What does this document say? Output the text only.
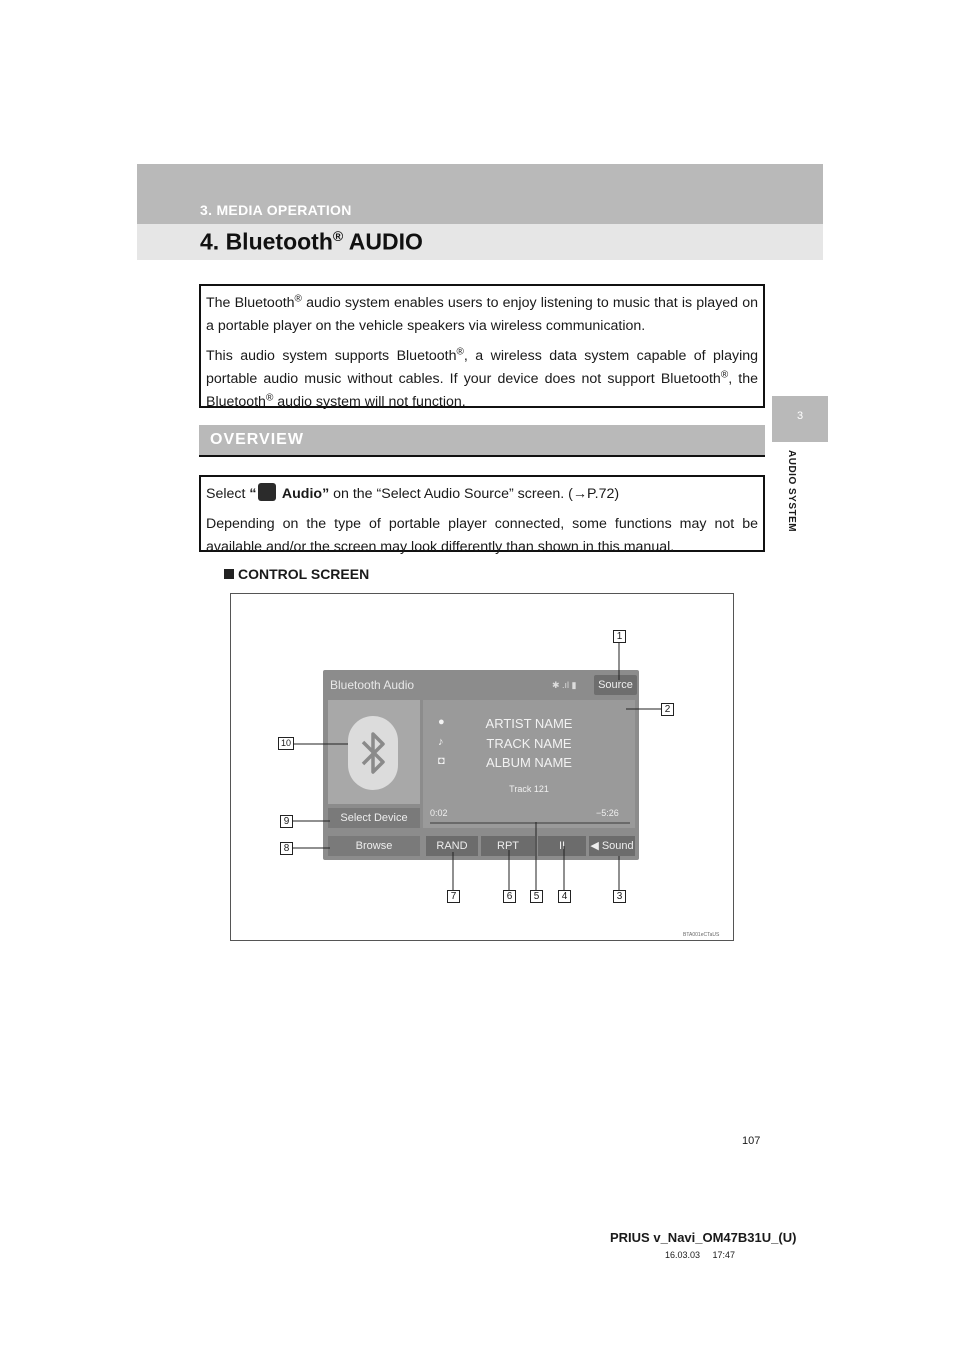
3. MEDIA OPERATION
4. Bluetooth® AUDIO
3
AUDIO SYSTEM

The Bluetooth® audio system enables users to enjoy listening to music that is played on a portable player on the vehicle speakers via wireless communication.

This audio system supports Bluetooth®, a wireless data system capable of playing portable audio music without cables. If your device does not support Bluetooth®, the Bluetooth® audio system will not function.

OVERVIEW

Select “ Audio” on the “Select Audio Source” screen. (→P.72)

Depending on the type of portable player connected, some functions may not be available and/or the screen may look differently than shown in this manual.

CONTROL SCREEN
Bluetooth Audio	✱ .ıl ▮	Source
●	ARTIST NAME
♪	TRACK NAME
◘	ALBUM NAME
Track 121
0:02	−5:26
Select Device
Browse	RAND	RPT	II	◀ Sound
BTA001eCTaUS
1
2
3
4
5
6
7
8
9
10
107
PRIUS v_Navi_OM47B31U_(U)
16.03.03     17:47
